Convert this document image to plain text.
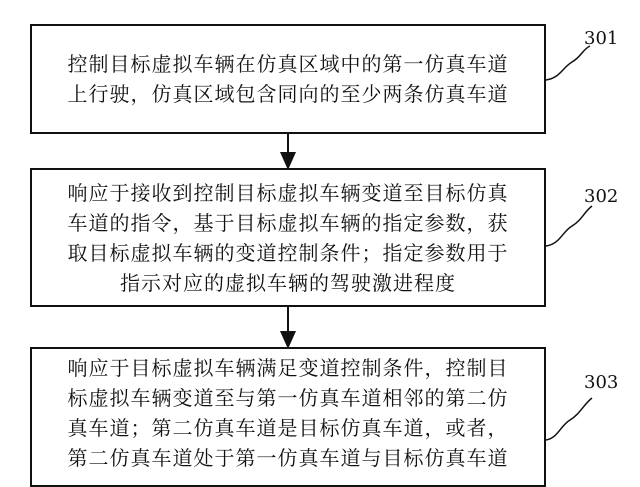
301
302
303
控制目标虚拟车辆在仿真区域中的第一仿真车道
上行驶，仿真区域包含同向的至少两条仿真车道
响应于接收到控制目标虚拟车辆变道至目标仿真
车道的指令，基于目标虚拟车辆的指定参数，获
取目标虚拟车辆的变道控制条件；指定参数用于
指示对应的虚拟车辆的驾驶激进程度
响应于目标虚拟车辆满足变道控制条件，控制目
标虚拟车辆变道至与第一仿真车道相邻的第二仿
真车道；第二仿真车道是目标仿真车道，或者，
第二仿真车道处于第一仿真车道与目标仿真车道
